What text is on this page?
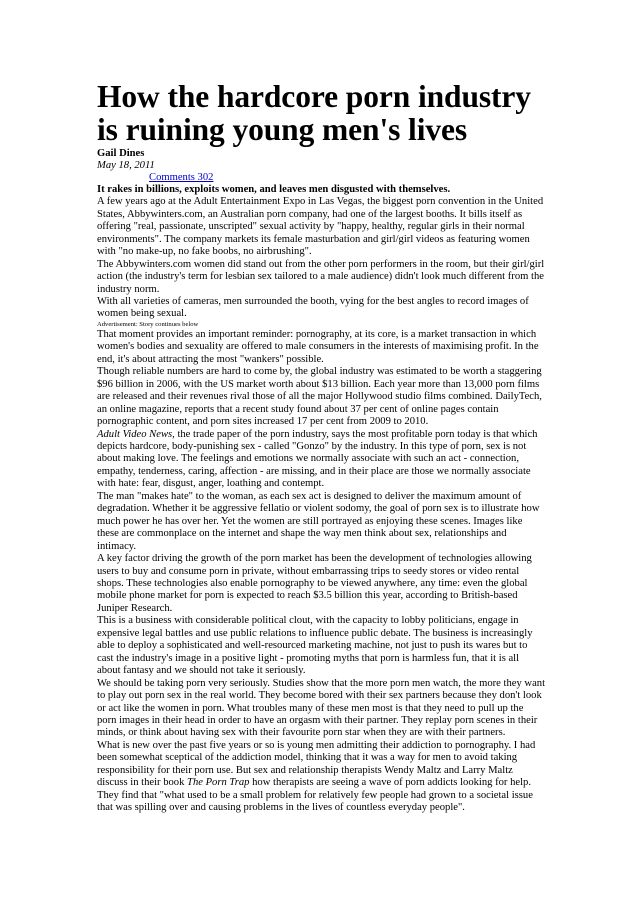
How the hardcore porn industry is ruining young men's lives
Gail Dines
May 18, 2011
Comments 302
It rakes in billions, exploits women, and leaves men disgusted with themselves.

A few years ago at the Adult Entertainment Expo in Las Vegas, the biggest porn convention in the United States, Abbywinters.com, an Australian porn company, had one of the largest booths. It bills itself as offering "real, passionate, unscripted" sexual activity by "happy, healthy, regular girls in their normal environments". The company markets its female masturbation and girl/girl videos as featuring women with "no make-up, no fake boobs, no airbrushing".

The Abbywinters.com women did stand out from the other porn performers in the room, but their girl/girl action (the industry's term for lesbian sex tailored to a male audience) didn't look much different from the industry norm.

With all varieties of cameras, men surrounded the booth, vying for the best angles to record images of women being sexual.

Advertisement: Story continues below

That moment provides an important reminder: pornography, at its core, is a market transaction in which women's bodies and sexuality are offered to male consumers in the interests of maximising profit. In the end, it's about attracting the most "wankers" possible.

Though reliable numbers are hard to come by, the global industry was estimated to be worth a staggering $96 billion in 2006, with the US market worth about $13 billion. Each year more than 13,000 porn films are released and their revenues rival those of all the major Hollywood studio films combined. DailyTech, an online magazine, reports that a recent study found about 37 per cent of online pages contain pornographic content, and porn sites increased 17 per cent from 2009 to 2010.

Adult Video News, the trade paper of the porn industry, says the most profitable porn today is that which depicts hardcore, body-punishing sex - called "Gonzo" by the industry. In this type of porn, sex is not about making love. The feelings and emotions we normally associate with such an act - connection, empathy, tenderness, caring, affection - are missing, and in their place are those we normally associate with hate: fear, disgust, anger, loathing and contempt.

The man "makes hate" to the woman, as each sex act is designed to deliver the maximum amount of degradation. Whether it be aggressive fellatio or violent sodomy, the goal of porn sex is to illustrate how much power he has over her. Yet the women are still portrayed as enjoying these scenes. Images like these are commonplace on the internet and shape the way men think about sex, relationships and intimacy.

A key factor driving the growth of the porn market has been the development of technologies allowing users to buy and consume porn in private, without embarrassing trips to seedy stores or video rental shops. These technologies also enable pornography to be viewed anywhere, any time: even the global mobile phone market for porn is expected to reach $3.5 billion this year, according to British-based Juniper Research.

This is a business with considerable political clout, with the capacity to lobby politicians, engage in expensive legal battles and use public relations to influence public debate. The business is increasingly able to deploy a sophisticated and well-resourced marketing machine, not just to push its wares but to cast the industry's image in a positive light - promoting myths that porn is harmless fun, that it is all about fantasy and we should not take it seriously.

We should be taking porn very seriously. Studies show that the more porn men watch, the more they want to play out porn sex in the real world. They become bored with their sex partners because they don't look or act like the women in porn. What troubles many of these men most is that they need to pull up the porn images in their head in order to have an orgasm with their partner. They replay porn scenes in their minds, or think about having sex with their favourite porn star when they are with their partners.

What is new over the past five years or so is young men admitting their addiction to pornography. I had been somewhat sceptical of the addiction model, thinking that it was a way for men to avoid taking responsibility for their porn use. But sex and relationship therapists Wendy Maltz and Larry Maltz discuss in their book The Porn Trap how therapists are seeing a wave of porn addicts looking for help. They find that "what used to be a small problem for relatively few people had grown to a societal issue that was spilling over and causing problems in the lives of countless everyday people".
